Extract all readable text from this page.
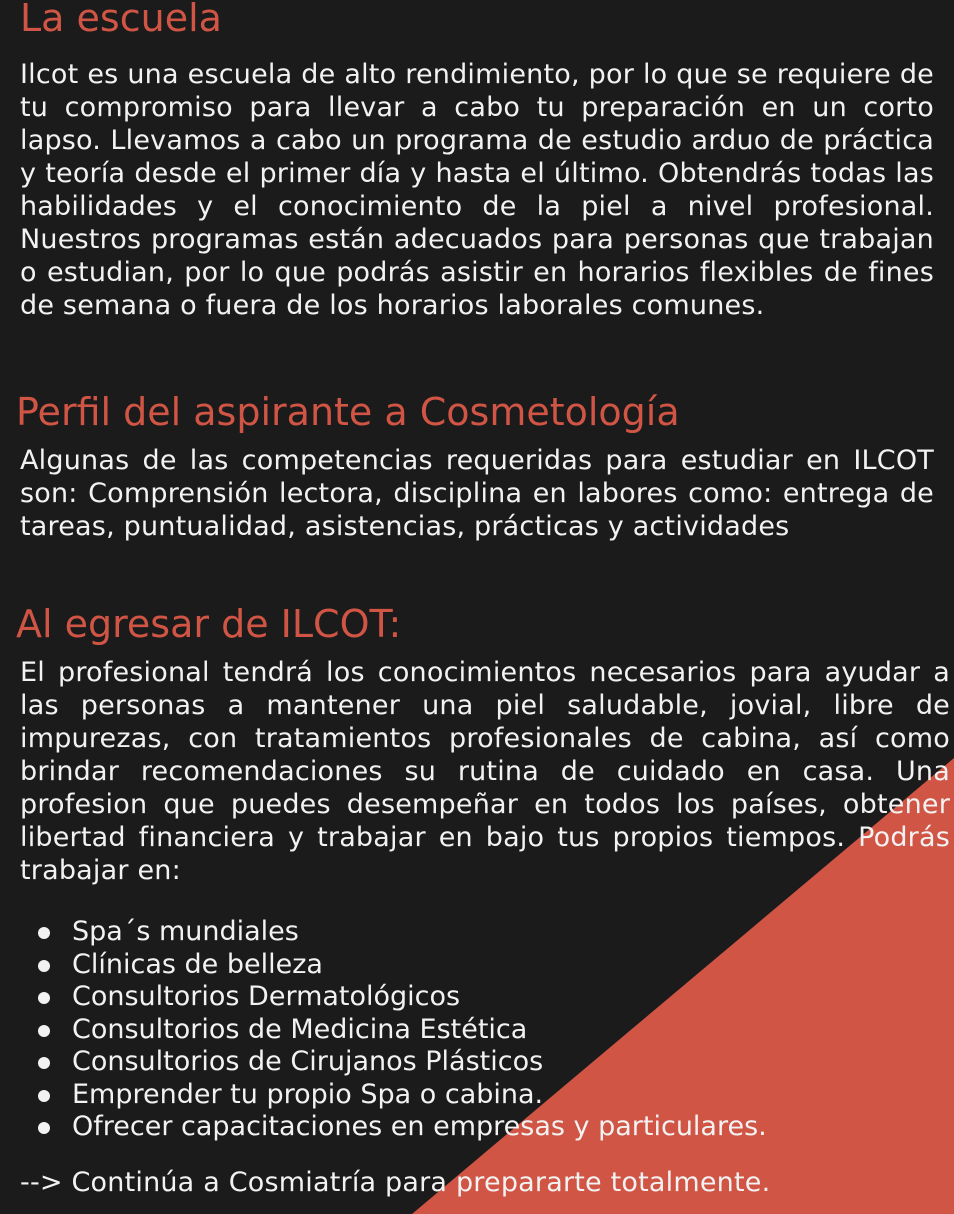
La escuela

Ilcot es una escuela de alto rendimiento, por lo que se requiere de tu compromiso para llevar a cabo tu preparación en un corto lapso. Llevamos a cabo un programa de estudio arduo de práctica y teoría desde el primer día y hasta el último. Obtendrás todas las habilidades y el conocimiento de la piel a nivel profesional. Nuestros programas están adecuados para personas que trabajan o estudian, por lo que podrás asistir en horarios flexibles de fines de semana o fuera de los horarios laborales comunes.

Perfil del aspirante a Cosmetología

Algunas de las competencias requeridas para estudiar en ILCOT son: Comprensión lectora, disciplina en labores como: entrega de tareas, puntualidad, asistencias, prácticas y actividades

Al egresar de ILCOT:

El profesional tendrá los conocimientos necesarios para ayudar a las personas a mantener una piel saludable, jovial, libre de impurezas, con tratamientos profesionales de cabina, así como brindar recomendaciones su rutina de cuidado en casa. Una profesion que puedes desempeñar en todos los países, obtener libertad financiera y trabajar en bajo tus propios tiempos. Podrás trabajar en:

Spa´s mundiales
Clínicas de belleza
Consultorios Dermatológicos
Consultorios de Medicina Estética
Consultorios de Cirujanos Plásticos
Emprender tu propio Spa o cabina.
Ofrecer capacitaciones en empresas y particulares.
--> Continúa a Cosmiatría para prepararte totalmente.
